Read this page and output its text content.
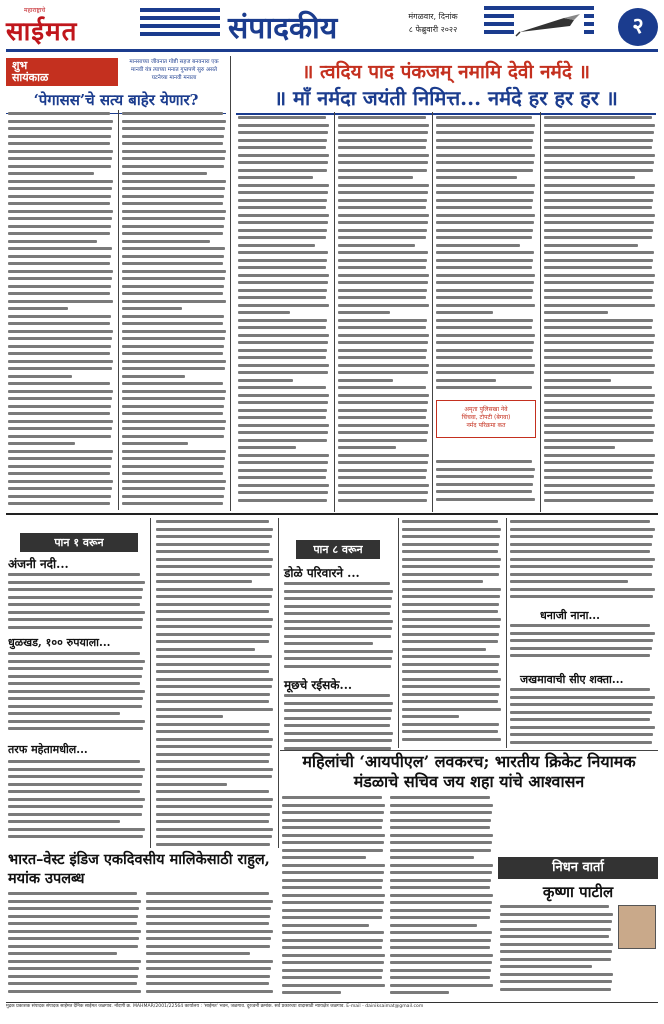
महाराष्ट्राचे
साईमत	संपादकीय	मंगळवार, दिनांक
८ फेब्रुवारी २०२२	२
शुभ
सायंकाळ
मानसाच्या जीवनात गोष्टी सहज बनवनारा एक मानवी यंत्र त्याच्या मनात गुप्तपणे सुरु असते घटनेच्या मानवी मनाला
‘पेगासस’चे सत्य बाहेर येणार?
॥ त्वदिय पाद पंकजम् नमामि देवी नर्मदे ॥
॥ माँ नर्मदा जयंती निमित्त... नर्मदे हर हर हर ॥
अमृता पुलिसखा नेवे
चिंचवा, टोपटी (बेगवा)
नर्मद परिक्रमा कत
पान १ वरून
अंजनी नदी...
धुळखड, १०० रुपयाला...
तरफ महेतामधील...
पान ८ वरून
डोळे परिवारने ...
मूछचे रईसके...
धनाजी नाना...
जखमावाची सीए शक्ता...
भारत–वेस्ट इंडिज एकदिवसीय मालिकेसाठी राहुल, मयांक उपलब्ध
महिलांची ‘आयपीएल’ लवकरच; भारतीय क्रिकेट नियामक मंडळाचे सचिव जय शहा यांचे आश्वासन
निधन वार्ता
कृष्णा पाटील
मुद्रक प्रकाशक संपादक संपादक साईमत दैनिक साईमत जळगाव. नोंदणी क्र. MAHMAR/2001/22564 कार्यालय : 'साईमत' भवन, जळगाव. दूरध्वनी क्रमांक. सर्व प्रकारच्या वादासाठी न्यायक्षेत्र जळगाव. E-mail - dainiksaimat@gmail.com
